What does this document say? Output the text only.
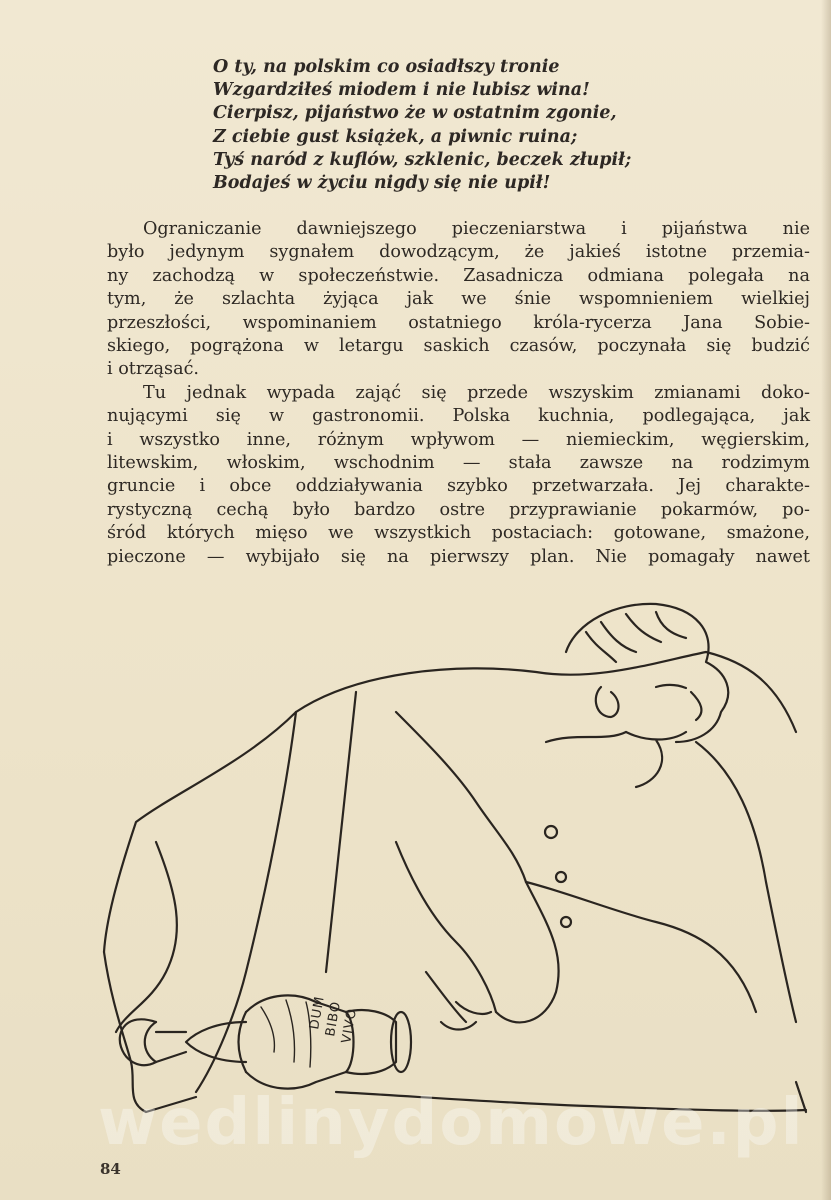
O ty, na polskim co osiadłszy tronie
Wzgardziłeś miodem i nie lubisz wina!
Cierpisz, pijaństwo że w ostatnim zgonie,
Z ciebie gust książek, a piwnic ruina;
Tyś naród z kuflów, szklenic, beczek złupił;
Bodajeś w życiu nigdy się nie upił!
Ograniczanie dawniejszego pieczeniarstwa i pijaństwa nie
było jedynym sygnałem dowodzącym, że jakieś istotne przemia-
ny zachodzą w społeczeństwie. Zasadnicza odmiana polegała na
tym, że szlachta żyjąca jak we śnie wspomnieniem wielkiej
przeszłości, wspominaniem ostatniego króla-rycerza Jana Sobie-
skiego, pogrążona w letargu saskich czasów, poczynała się budzić
i otrząsać.
Tu jednak wypada zająć się przede wszyskim zmianami doko-
nującymi się w gastronomii. Polska kuchnia, podlegająca, jak
i wszystko inne, różnym wpływom — niemieckim, węgierskim,
litewskim, włoskim, wschodnim — stała zawsze na rodzimym
gruncie i obce oddziaływania szybko przetwarzała. Jej charakte-
rystyczną cechą było bardzo ostre przyprawianie pokarmów, po-
śród których mięso we wszystkich postaciach: gotowane, smażone,
pieczone — wybijało się na pierwszy plan. Nie pomagały nawet
DUM
BIBO
VIVO
wedlinydomowe.pl
84
